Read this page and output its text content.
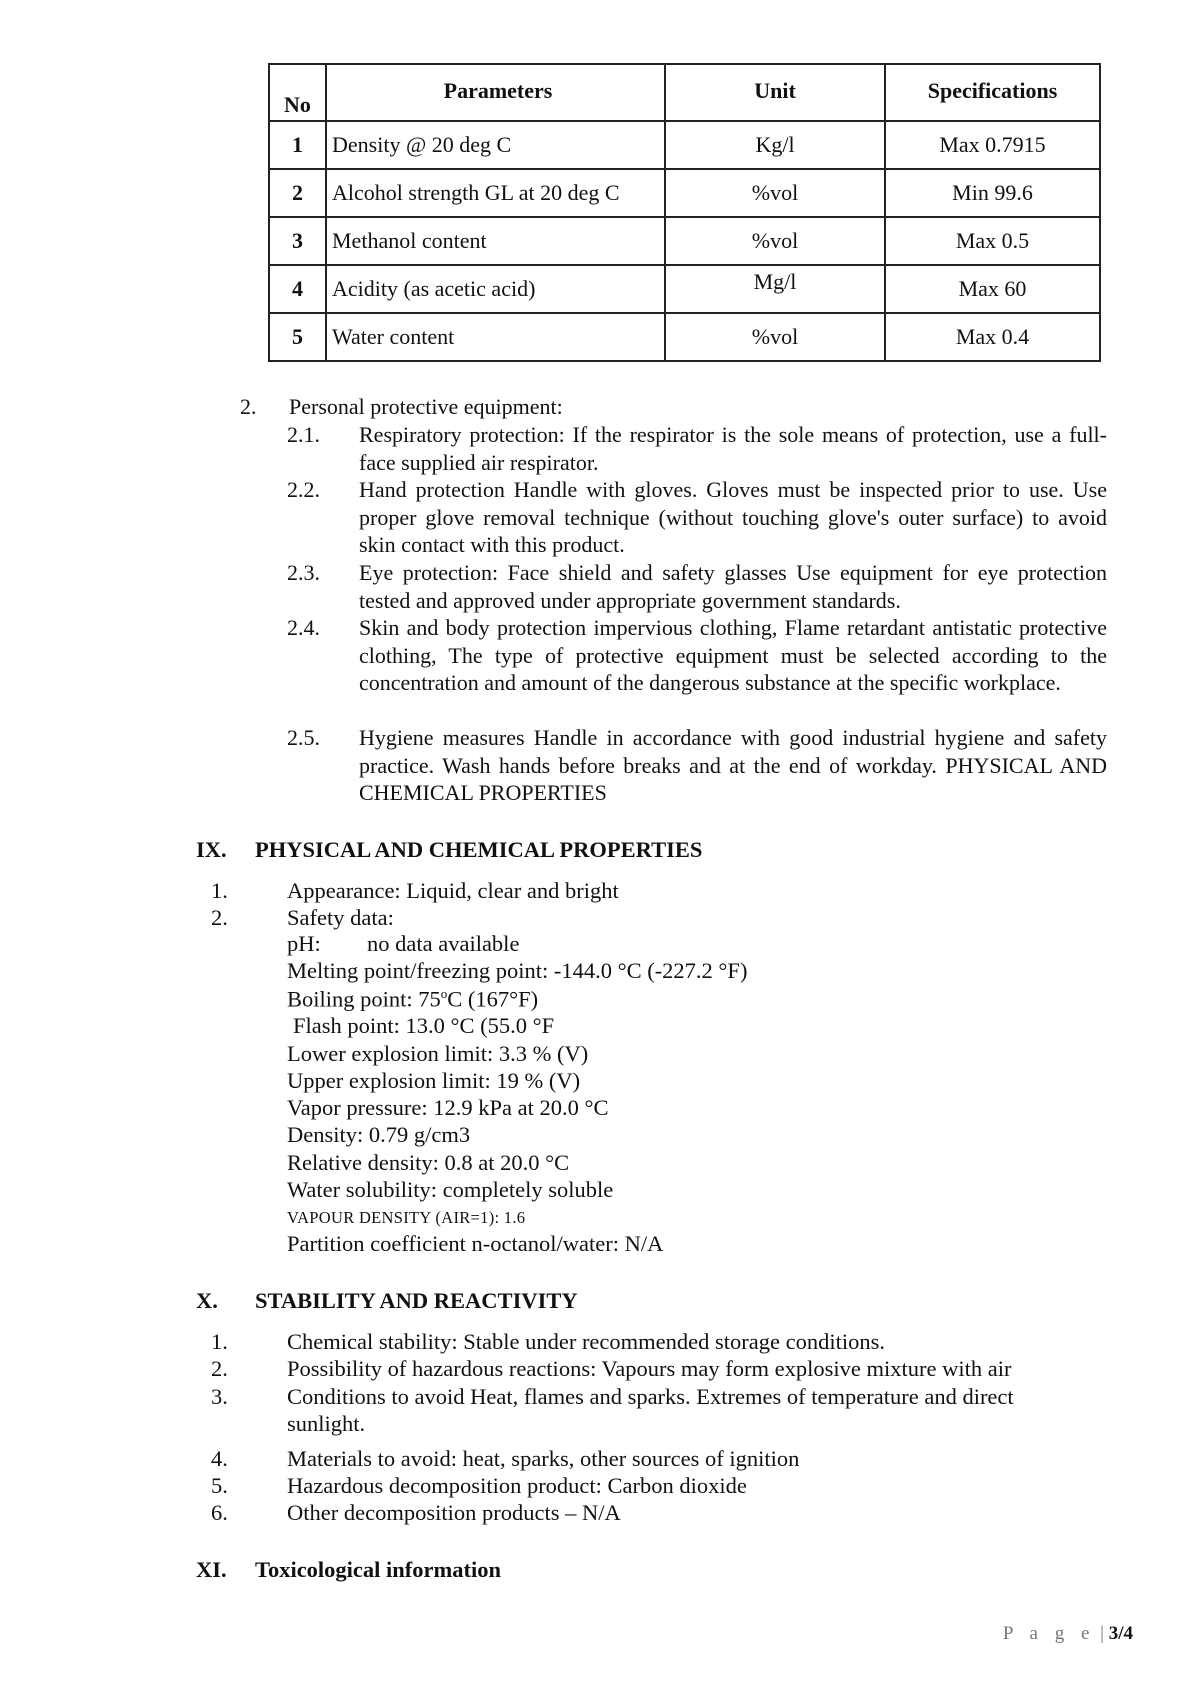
No	Parameters	Unit	Specifications
1	Density @ 20 deg C	Kg/l	Max 0.7915
2	Alcohol strength GL at 20 deg C	%vol	Min 99.6
3	Methanol content	%vol	Max 0.5
4	Acidity (as acetic acid)	Mg/l	Max 60
5	Water content	%vol	Max 0.4
2. Personal protective equipment:
2.1. Respiratory protection: If the respirator is the sole means of protection, use a full-face supplied air respirator.
2.2. Hand protection Handle with gloves. Gloves must be inspected prior to use. Use proper glove removal technique (without touching glove's outer surface) to avoid skin contact with this product.
2.3. Eye protection: Face shield and safety glasses Use equipment for eye protection tested and approved under appropriate government standards.
2.4. Skin and body protection impervious clothing, Flame retardant antistatic protective clothing, The type of protective equipment must be selected according to the concentration and amount of the dangerous substance at the specific workplace.
2.5. Hygiene measures Handle in accordance with good industrial hygiene and safety practice. Wash hands before breaks and at the end of workday. PHYSICAL AND CHEMICAL PROPERTIES
IX. PHYSICAL AND CHEMICAL PROPERTIES
1.	Appearance: Liquid, clear and bright
2.	Safety data:
pH: no data available
Melting point/freezing point: -144.0 °C (-227.2 °F)
Boiling point: 75$^o$C (167°F)
Flash point: 13.0 °C (55.0 °F
Lower explosion limit: 3.3 % (V)
Upper explosion limit: 19 % (V)
Vapor pressure: 12.9 kPa at 20.0 °C
Density: 0.79 g/cm3
Relative density: 0.8 at 20.0 °C
Water solubility: completely soluble
VAPOUR DENSITY (AIR=1): 1.6
Partition coefficient n-octanol/water: N/A
X. STABILITY AND REACTIVITY
1.	Chemical stability: Stable under recommended storage conditions.
2.	Possibility of hazardous reactions: Vapours may form explosive mixture with air
3.	Conditions to avoid Heat, flames and sparks. Extremes of temperature and direct
sunlight.
4.	Materials to avoid: heat, sparks, other sources of ignition
5.	Hazardous decomposition product: Carbon dioxide
6.	Other decomposition products – N/A
XI. Toxicological information
P a g e | 3/4
